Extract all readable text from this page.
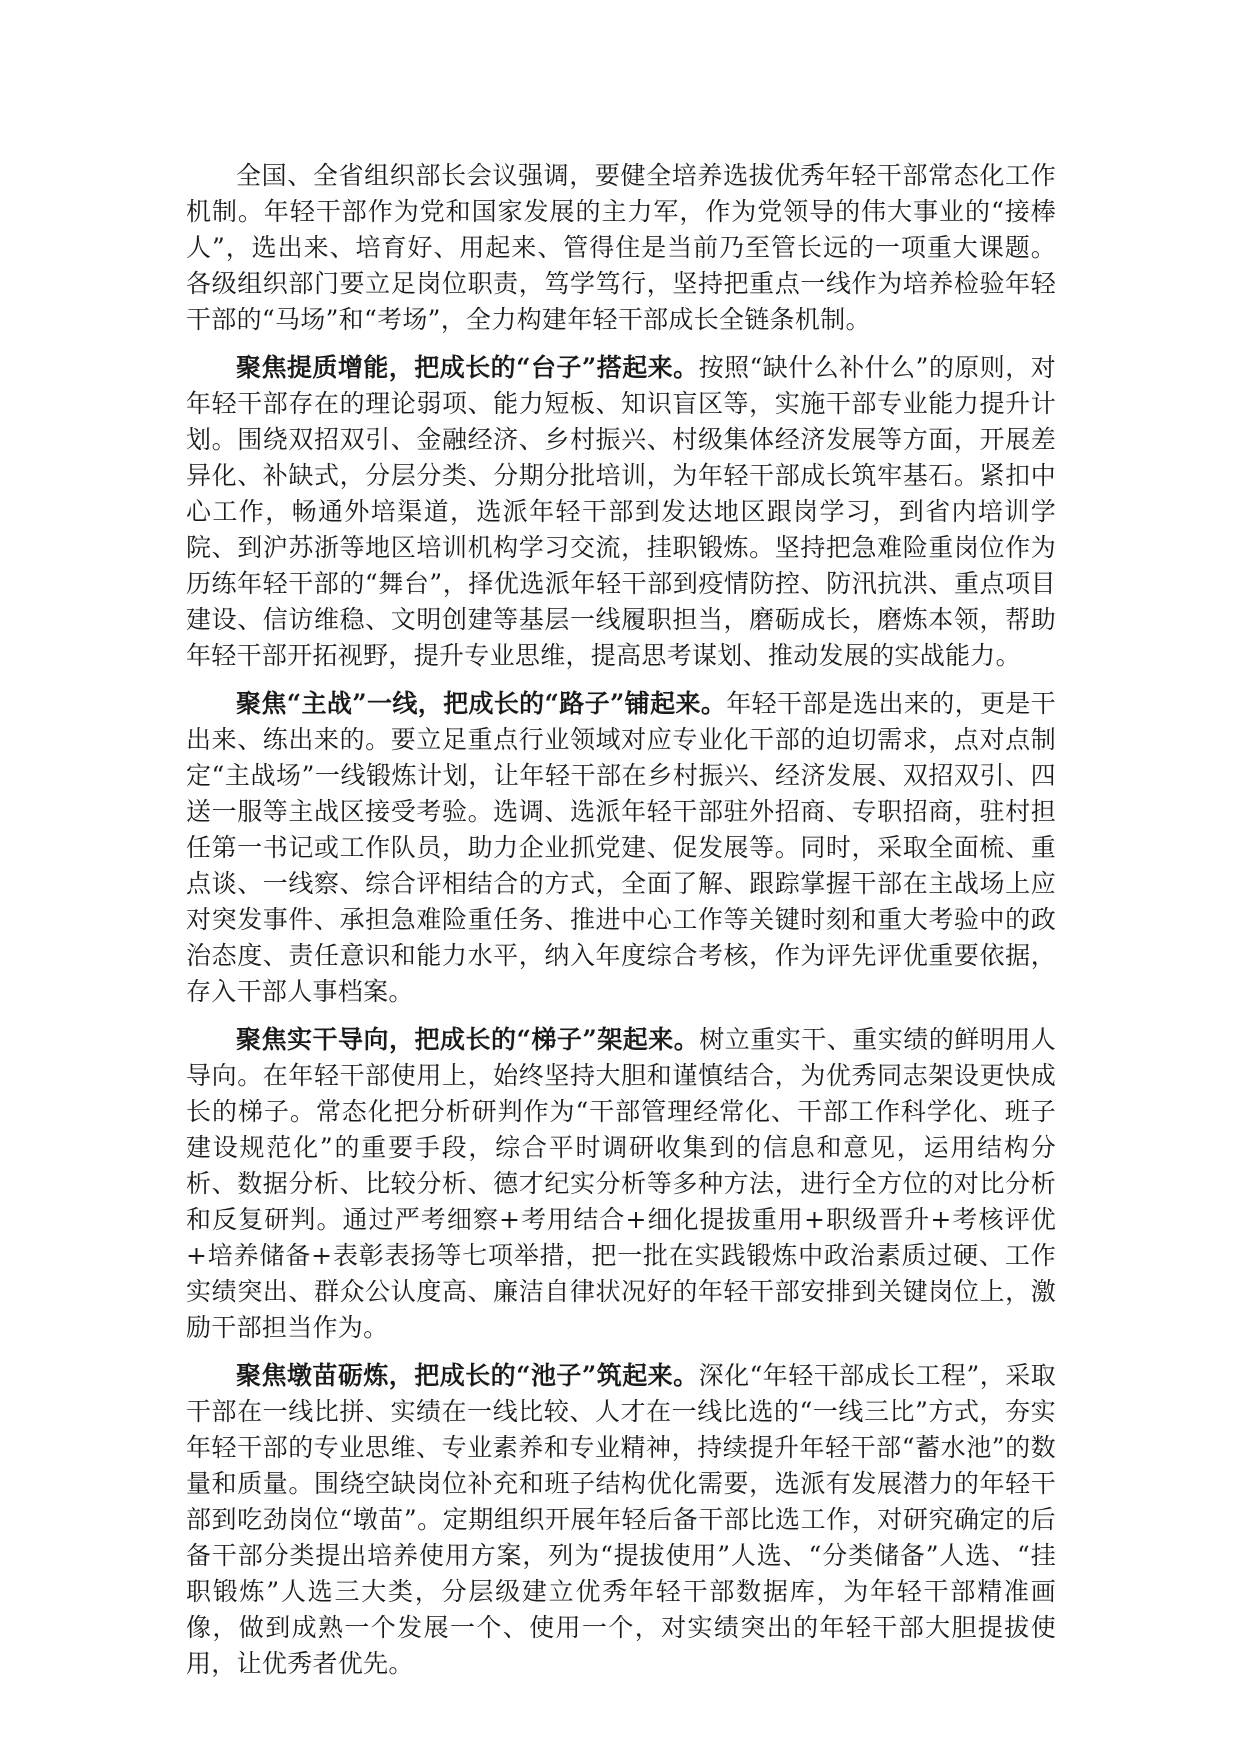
全国、全省组织部长会议强调，要健全培养选拔优秀年轻干部常态化工作机制。年轻干部作为党和国家发展的主力军，作为党领导的伟大事业的“接棒人”，选出来、培育好、用起来、管得住是当前乃至管长远的一项重大课题。各级组织部门要立足岗位职责，笃学笃行，坚持把重点一线作为培养检验年轻干部的“马场”和“考场”，全力构建年轻干部成长全链条机制。

聚焦提质增能，把成长的“台子”搭起来。按照“缺什么补什么”的原则，对年轻干部存在的理论弱项、能力短板、知识盲区等，实施干部专业能力提升计划。围绕双招双引、金融经济、乡村振兴、村级集体经济发展等方面，开展差异化、补缺式，分层分类、分期分批培训，为年轻干部成长筑牢基石。紧扣中心工作，畅通外培渠道，选派年轻干部到发达地区跟岗学习，到省内培训学院、到沪苏浙等地区培训机构学习交流，挂职锻炼。坚持把急难险重岗位作为历练年轻干部的“舞台”，择优选派年轻干部到疫情防控、防汛抗洪、重点项目建设、信访维稳、文明创建等基层一线履职担当，磨砺成长，磨炼本领，帮助年轻干部开拓视野，提升专业思维，提高思考谋划、推动发展的实战能力。

聚焦“主战”一线，把成长的“路子”铺起来。年轻干部是选出来的，更是干出来、练出来的。要立足重点行业领域对应专业化干部的迫切需求，点对点制定“主战场”一线锻炼计划，让年轻干部在乡村振兴、经济发展、双招双引、四送一服等主战区接受考验。选调、选派年轻干部驻外招商、专职招商，驻村担任第一书记或工作队员，助力企业抓党建、促发展等。同时，采取全面梳、重点谈、一线察、综合评相结合的方式，全面了解、跟踪掌握干部在主战场上应对突发事件、承担急难险重任务、推进中心工作等关键时刻和重大考验中的政治态度、责任意识和能力水平，纳入年度综合考核，作为评先评优重要依据，存入干部人事档案。

聚焦实干导向，把成长的“梯子”架起来。树立重实干、重实绩的鲜明用人导向。在年轻干部使用上，始终坚持大胆和谨慎结合，为优秀同志架设更快成长的梯子。常态化把分析研判作为“干部管理经常化、干部工作科学化、班子建设规范化”的重要手段，综合平时调研收集到的信息和意见，运用结构分析、数据分析、比较分析、德才纪实分析等多种方法，进行全方位的对比分析和反复研判。通过严考细察+考用结合+细化提拔重用+职级晋升+考核评优+培养储备+表彰表扬等七项举措，把一批在实践锻炼中政治素质过硬、工作实绩突出、群众公认度高、廉洁自律状况好的年轻干部安排到关键岗位上，激励干部担当作为。

聚焦墩苗砺炼，把成长的“池子”筑起来。深化“年轻干部成长工程”，采取干部在一线比拼、实绩在一线比较、人才在一线比选的“一线三比”方式，夯实年轻干部的专业思维、专业素养和专业精神，持续提升年轻干部“蓄水池”的数量和质量。围绕空缺岗位补充和班子结构优化需要，选派有发展潜力的年轻干部到吃劲岗位“墩苗”。定期组织开展年轻后备干部比选工作，对研究确定的后备干部分类提出培养使用方案，列为“提拔使用”人选、“分类储备”人选、“挂职锻炼”人选三大类，分层级建立优秀年轻干部数据库，为年轻干部精准画像，做到成熟一个发展一个、使用一个，对实绩突出的年轻干部大胆提拔使用，让优秀者优先。
